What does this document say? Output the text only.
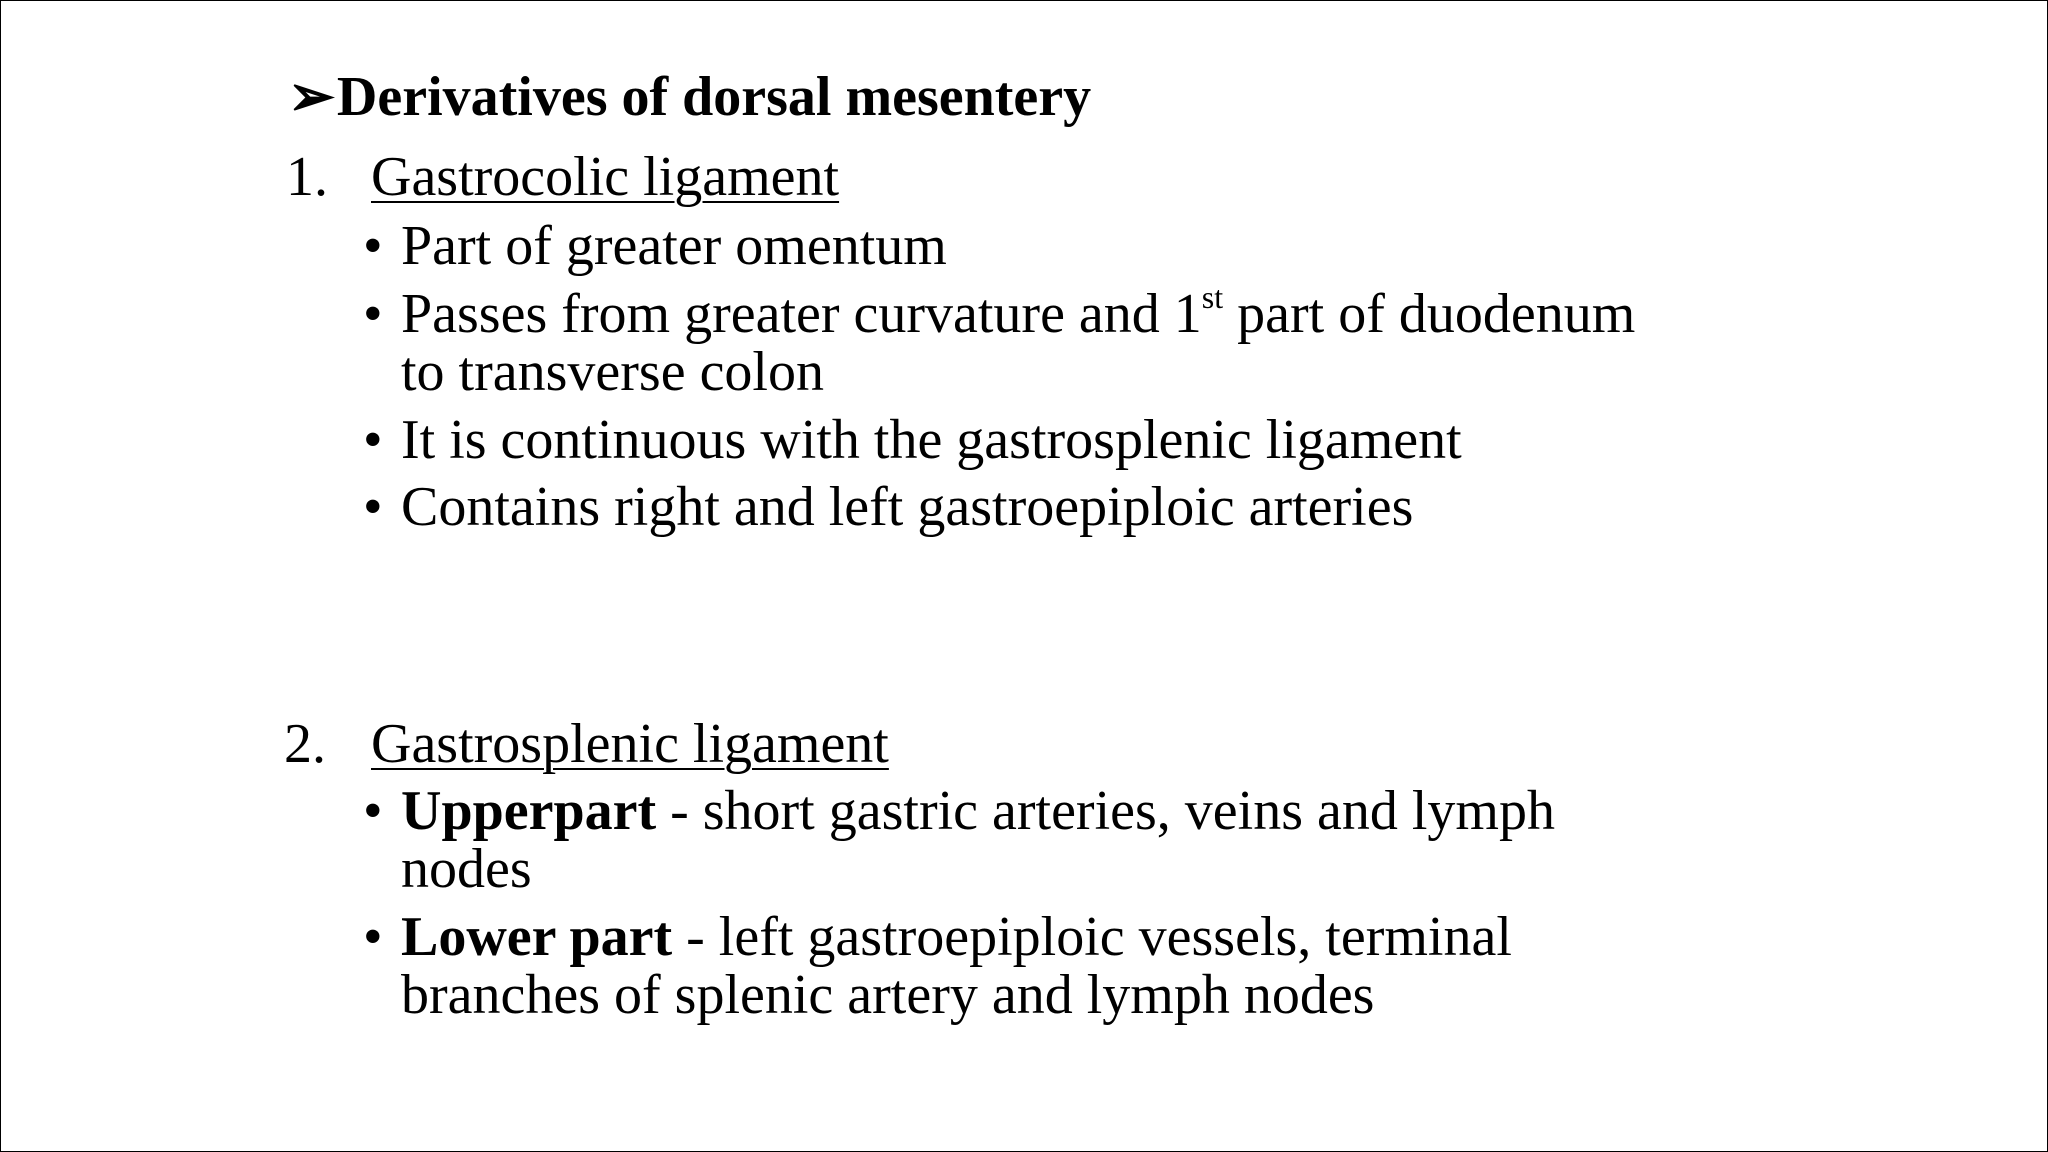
➢Derivatives of dorsal mesentery
1. Gastrocolic ligament
• Part of greater omentum
• Passes from greater curvature and 1st part of duodenum
to transverse colon
• It is continuous with the gastrosplenic ligament
• Contains right and left gastroepiploic arteries
2. Gastrosplenic ligament
• Upperpart - short gastric arteries, veins and lymph
nodes
• Lower part - left gastroepiploic vessels, terminal
branches of splenic artery and lymph nodes
